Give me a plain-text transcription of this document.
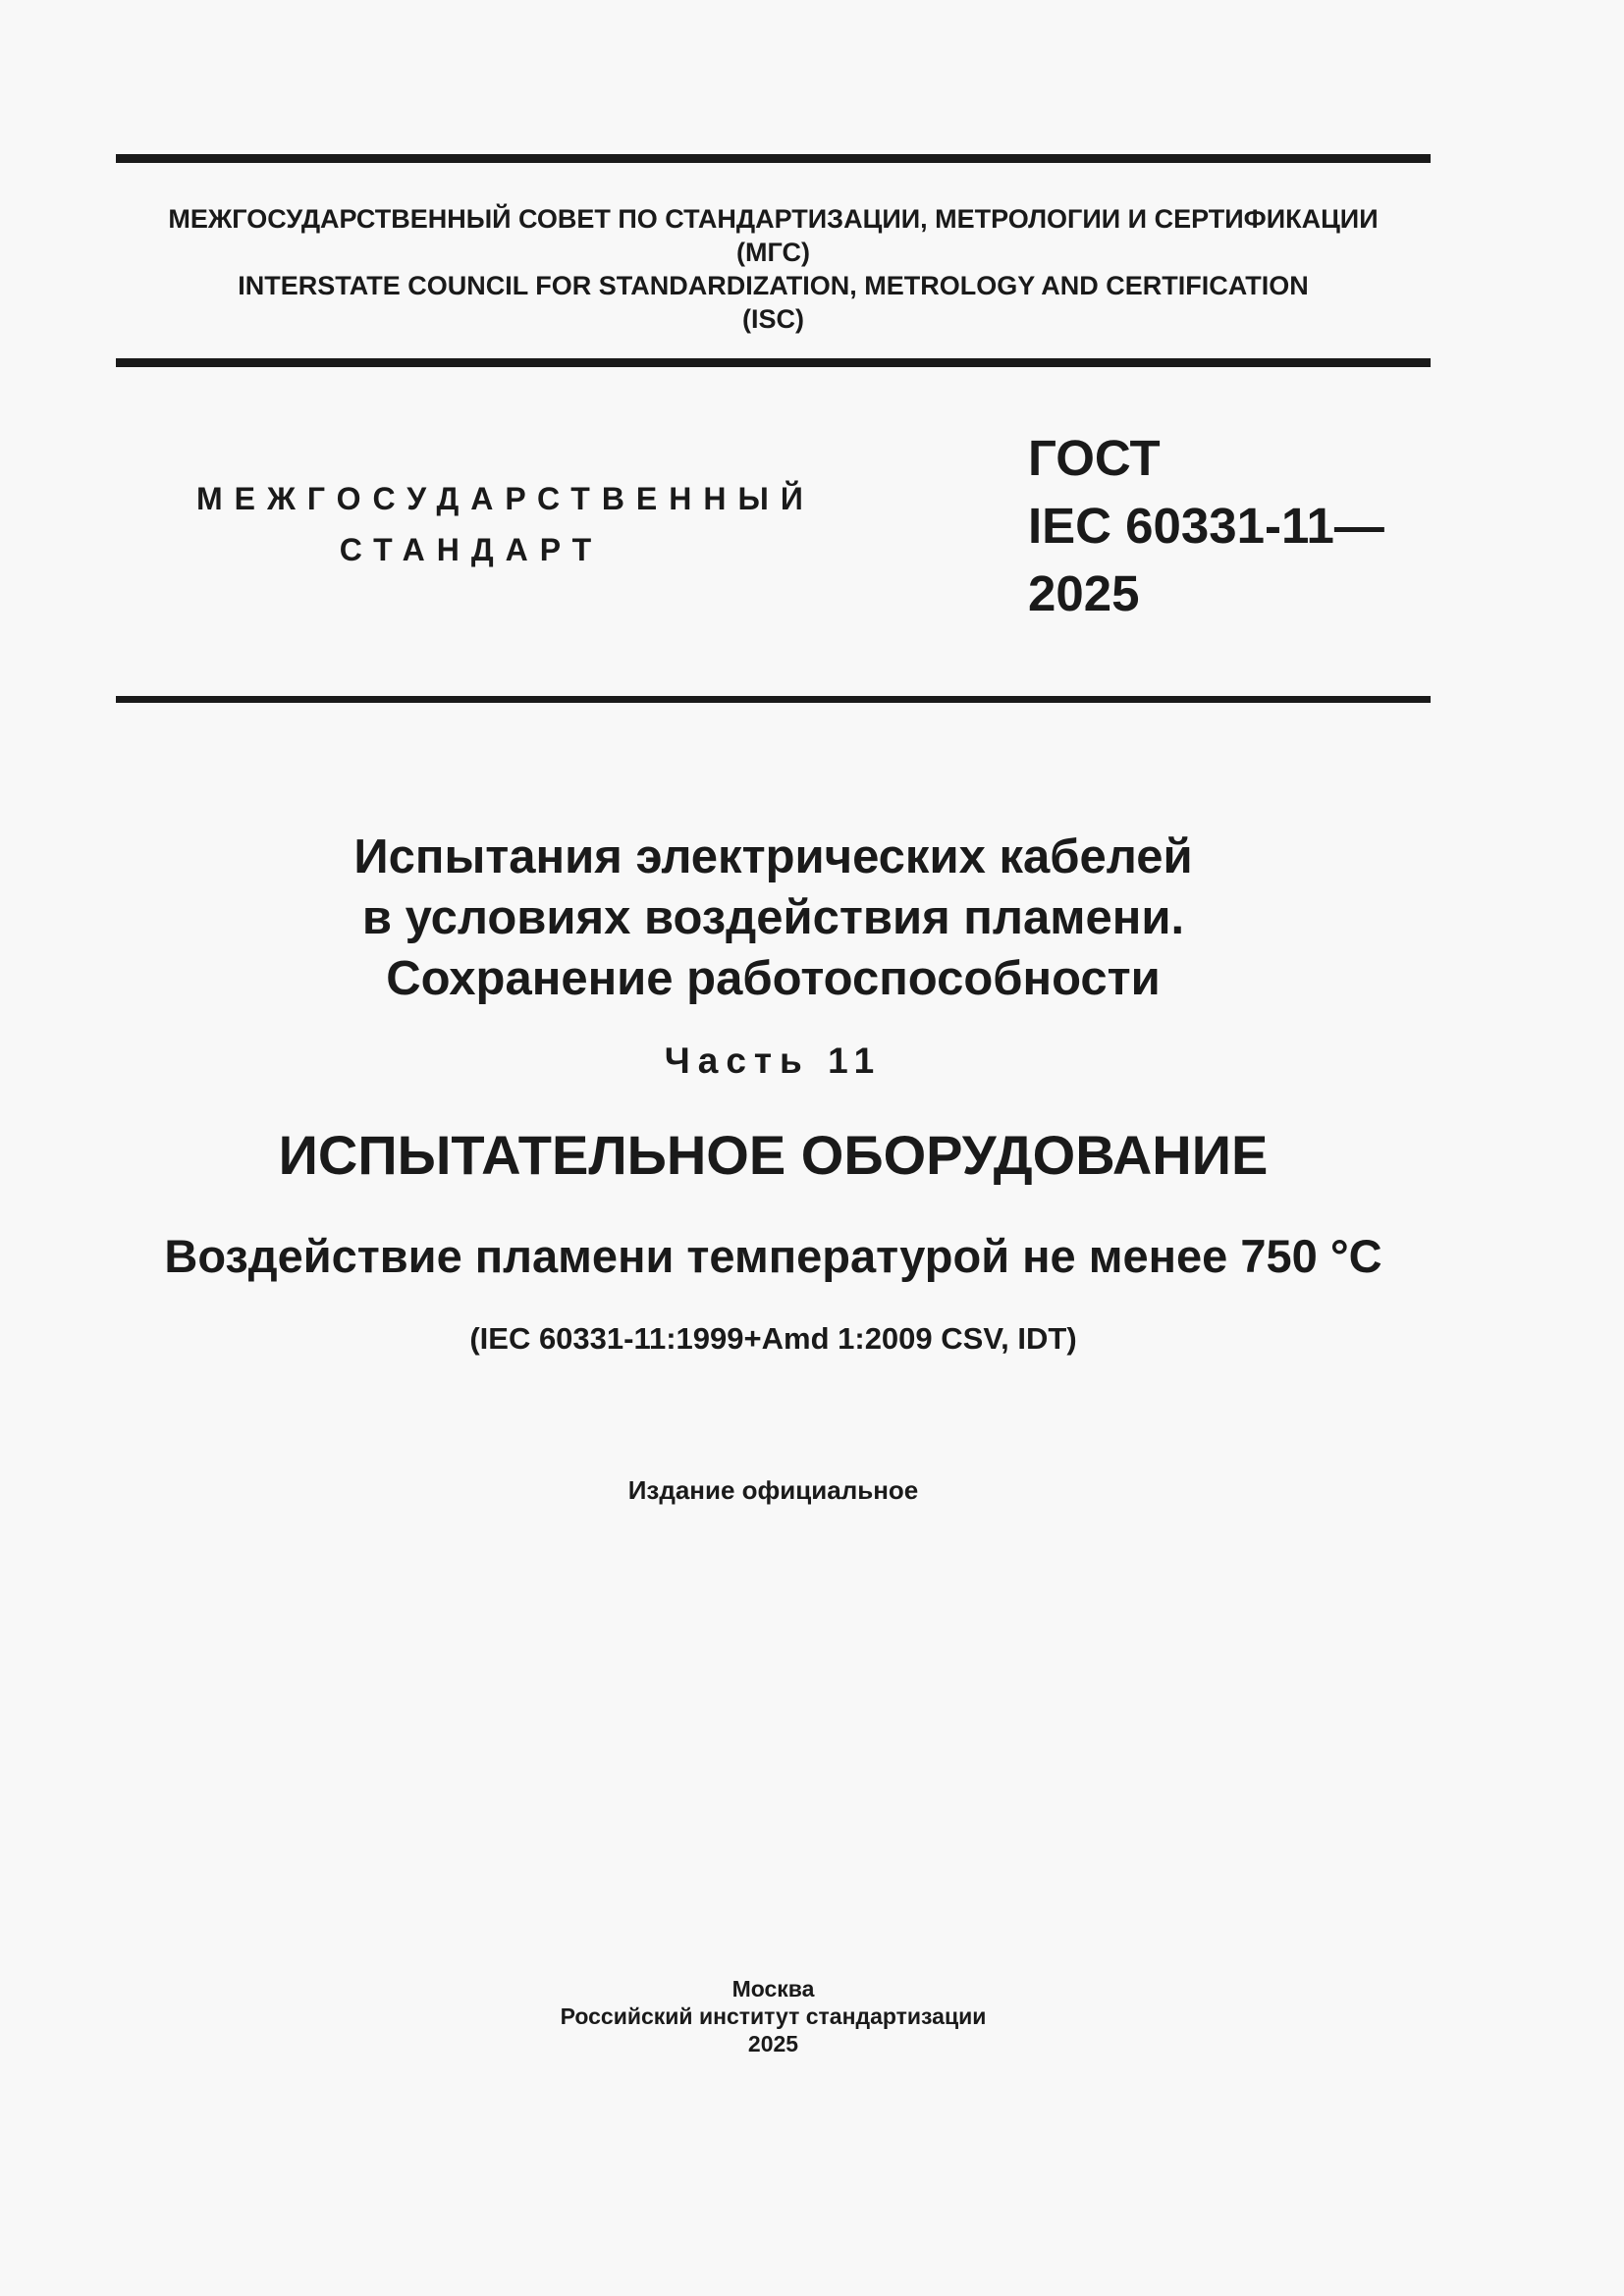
МЕЖГОСУДАРСТВЕННЫЙ СОВЕТ ПО СТАНДАРТИЗАЦИИ, МЕТРОЛОГИИ И СЕРТИФИКАЦИИ
(МГС)
INTERSTATE COUNCIL FOR STANDARDIZATION, METROLOGY AND CERTIFICATION
(ISC)
МЕЖГОСУДАРСТВЕННЫЙ
СТАНДАРТ
ГОСТ
IEC 60331-11—
2025
Испытания электрических кабелей
в условиях воздействия пламени.
Сохранение работоспособности
Часть 11
ИСПЫТАТЕЛЬНОЕ ОБОРУДОВАНИЕ
Воздействие пламени температурой не менее 750 °С
(IEC 60331-11:1999+Amd 1:2009 CSV, IDT)
Издание официальное
Москва
Российский институт стандартизации
2025
